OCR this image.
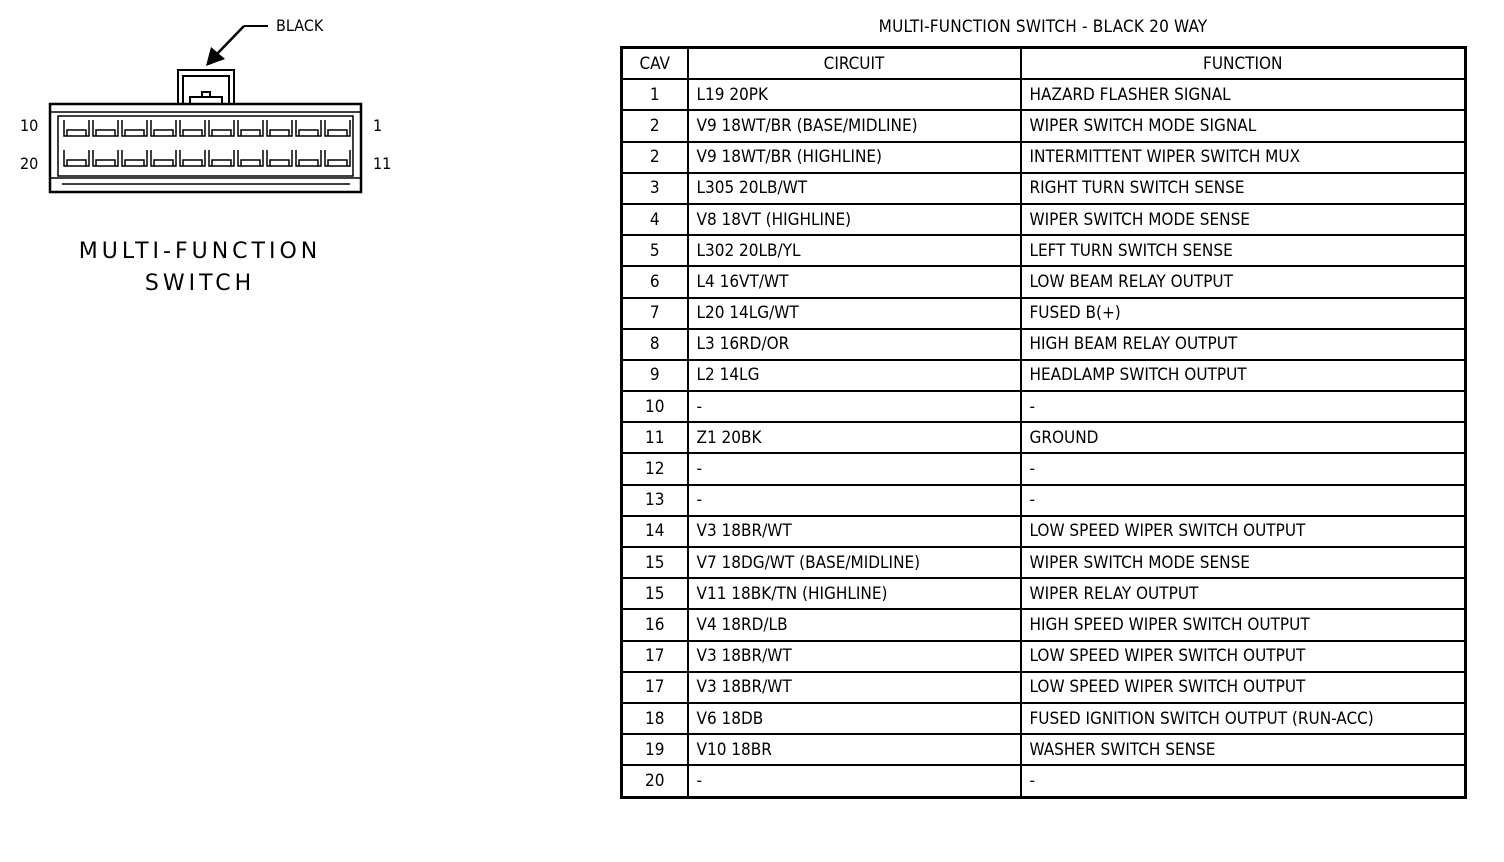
BLACK
10	1
20	11
MULTI-FUNCTION
SWITCH
MULTI-FUNCTION SWITCH - BLACK 20 WAY
CAV	CIRCUIT	FUNCTION
1	L19 20PK	HAZARD FLASHER SIGNAL
2	V9 18WT/BR (BASE/MIDLINE)	WIPER SWITCH MODE SIGNAL
2	V9 18WT/BR (HIGHLINE)	INTERMITTENT WIPER SWITCH MUX
3	L305 20LB/WT	RIGHT TURN SWITCH SENSE
4	V8 18VT (HIGHLINE)	WIPER SWITCH MODE SENSE
5	L302 20LB/YL	LEFT TURN SWITCH SENSE
6	L4 16VT/WT	LOW BEAM RELAY OUTPUT
7	L20 14LG/WT	FUSED B(+)
8	L3 16RD/OR	HIGH BEAM RELAY OUTPUT
9	L2 14LG	HEADLAMP SWITCH OUTPUT
10	-	-
11	Z1 20BK	GROUND
12	-	-
13	-	-
14	V3 18BR/WT	LOW SPEED WIPER SWITCH OUTPUT
15	V7 18DG/WT (BASE/MIDLINE)	WIPER SWITCH MODE SENSE
15	V11 18BK/TN (HIGHLINE)	WIPER RELAY OUTPUT
16	V4 18RD/LB	HIGH SPEED WIPER SWITCH OUTPUT
17	V3 18BR/WT	LOW SPEED WIPER SWITCH OUTPUT
17	V3 18BR/WT	LOW SPEED WIPER SWITCH OUTPUT
18	V6 18DB	FUSED IGNITION SWITCH OUTPUT (RUN-ACC)
19	V10 18BR	WASHER SWITCH SENSE
20	-	-
